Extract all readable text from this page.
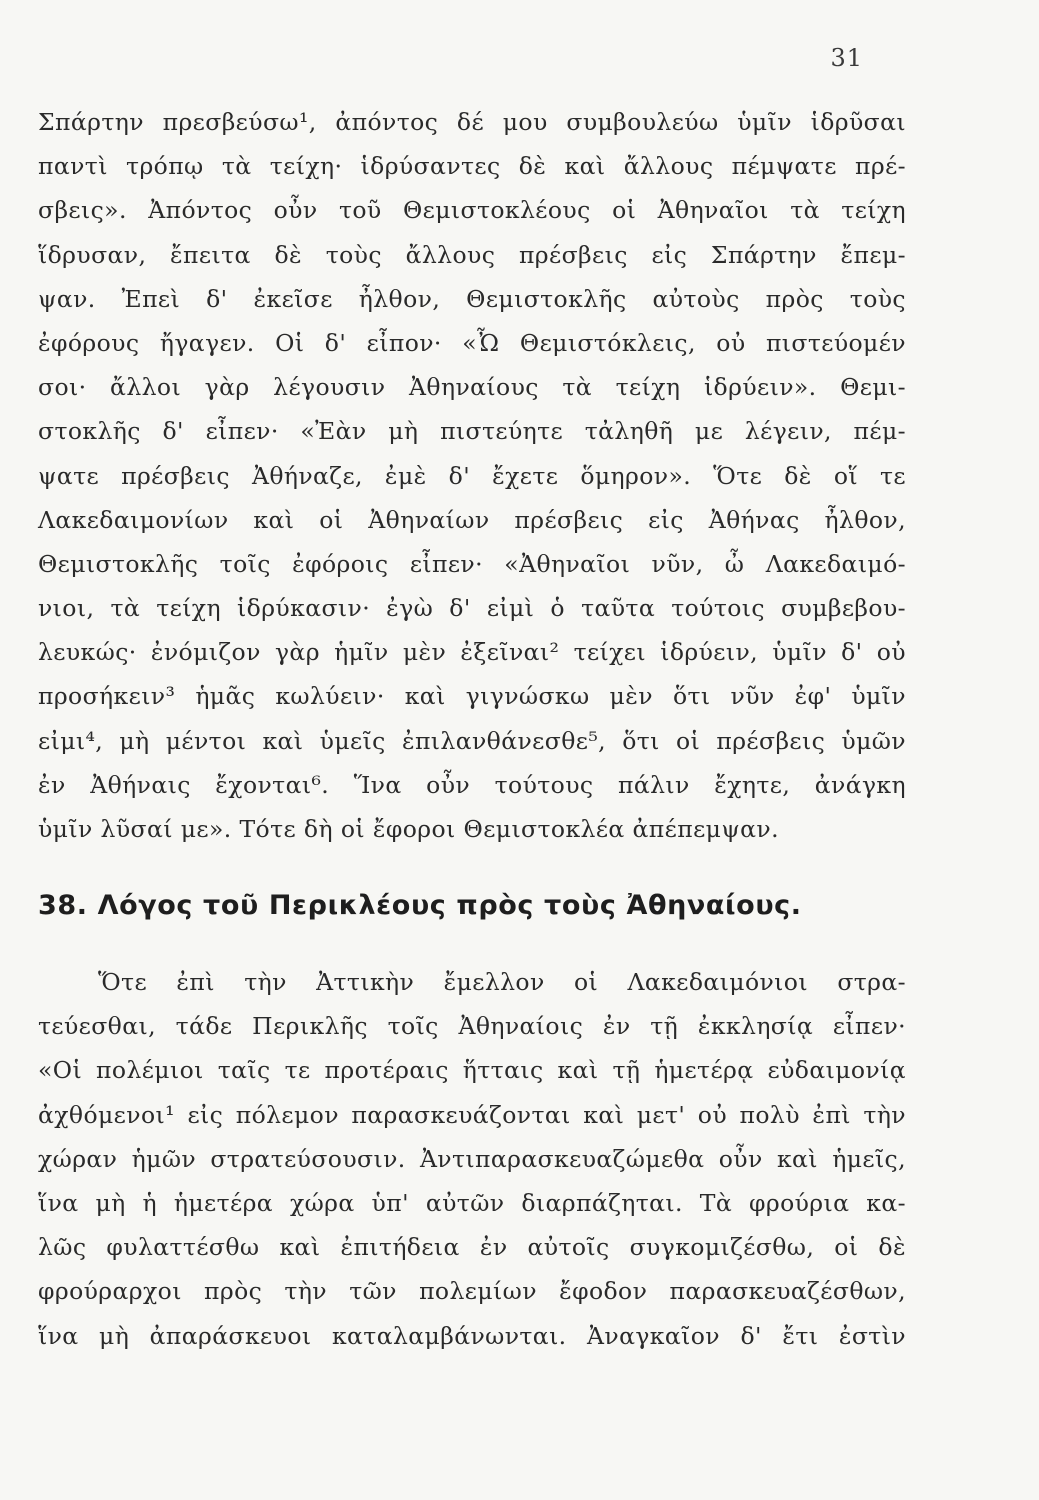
31
Σπάρτην πρεσβεύσω¹, ἀπόντος δέ μου συμβουλεύω ὑμῖν ἱδρῦσαι
παντὶ τρόπῳ τὰ τείχη· ἱδρύσαντες δὲ καὶ ἄλλους πέμψατε πρέ-
σβεις». Ἀπόντος οὖν τοῦ Θεμιστοκλέους οἱ Ἀθηναῖοι τὰ τείχη
ἵδρυσαν, ἔπειτα δὲ τοὺς ἄλλους πρέσβεις εἰς Σπάρτην ἔπεμ-
ψαν. Ἐπεὶ δ' ἐκεῖσε ἦλθον, Θεμιστοκλῆς αὐτοὺς πρὸς τοὺς
ἐφόρους ἤγαγεν. Οἱ δ' εἶπον· «Ὦ Θεμιστόκλεις, οὐ πιστεύομέν
σοι· ἄλλοι γὰρ λέγουσιν Ἀθηναίους τὰ τείχη ἱδρύειν». Θεμι-
στοκλῆς δ' εἶπεν· «Ἐὰν μὴ πιστεύητε τἀληθῆ με λέγειν, πέμ-
ψατε πρέσβεις Ἀθήναζε, ἐμὲ δ' ἔχετε ὅμηρον». Ὅτε δὲ οἵ τε
Λακεδαιμονίων καὶ οἱ Ἀθηναίων πρέσβεις εἰς Ἀθήνας ἦλθον,
Θεμιστοκλῆς τοῖς ἐφόροις εἶπεν· «Ἀθηναῖοι νῦν, ὦ Λακεδαιμό-
νιοι, τὰ τείχη ἱδρύκασιν· ἐγὼ δ' εἰμὶ ὁ ταῦτα τούτοις συμβεβου-
λευκώς· ἐνόμιζον γὰρ ἡμῖν μὲν ἐξεῖναι² τείχει ἱδρύειν, ὑμῖν δ' οὐ
προσήκειν³ ἡμᾶς κωλύειν· καὶ γιγνώσκω μὲν ὅτι νῦν ἐφ' ὑμῖν
εἰμι⁴, μὴ μέντοι καὶ ὑμεῖς ἐπιλανθάνεσθε⁵, ὅτι οἱ πρέσβεις ὑμῶν
ἐν Ἀθήναις ἔχονται⁶. Ἵνα οὖν τούτους πάλιν ἔχητε, ἀνάγκη
ὑμῖν λῦσαί με». Τότε δὴ οἱ ἔφοροι Θεμιστοκλέα ἀπέπεμψαν.
38. Λόγος τοῦ Περικλέους πρὸς τοὺς Ἀθηναίους.
Ὅτε ἐπὶ τὴν Ἀττικὴν ἔμελλον οἱ Λακεδαιμόνιοι στρα-
τεύεσθαι, τάδε Περικλῆς τοῖς Ἀθηναίοις ἐν τῇ ἐκκλησίᾳ εἶπεν·
«Οἱ πολέμιοι ταῖς τε προτέραις ἥτταις καὶ τῇ ἡμετέρᾳ εὐδαιμονίᾳ
ἀχθόμενοι¹ εἰς πόλεμον παρασκευάζονται καὶ μετ' οὐ πολὺ ἐπὶ τὴν
χώραν ἡμῶν στρατεύσουσιν. Ἀντιπαρασκευαζώμεθα οὖν καὶ ἡμεῖς,
ἵνα μὴ ἡ ἡμετέρα χώρα ὑπ' αὐτῶν διαρπάζηται. Τὰ φρούρια κα-
λῶς φυλαττέσθω καὶ ἐπιτήδεια ἐν αὐτοῖς συγκομιζέσθω, οἱ δὲ
φρούραρχοι πρὸς τὴν τῶν πολεμίων ἔφοδον παρασκευαζέσθων,
ἵνα μὴ ἀπαράσκευοι καταλαμβάνωνται. Ἀναγκαῖον δ' ἔτι ἐστὶν
